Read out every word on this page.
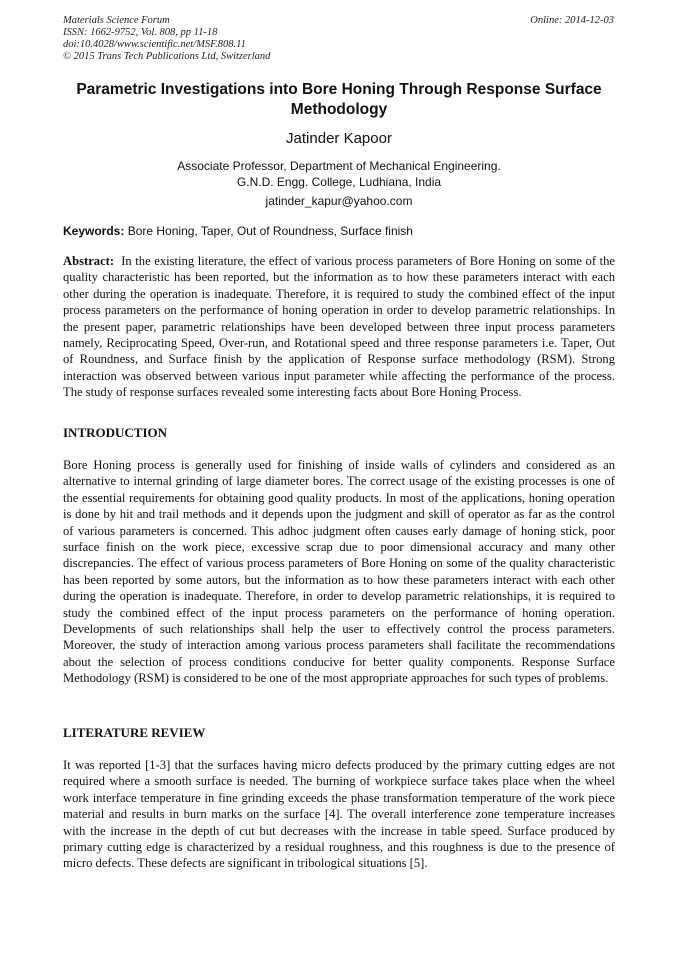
Materials Science Forum
ISSN: 1662-9752, Vol. 808, pp 11-18
doi:10.4028/www.scientific.net/MSF.808.11
© 2015 Trans Tech Publications Ltd, Switzerland
Online: 2014-12-03
Parametric Investigations into Bore Honing Through Response Surface Methodology
Jatinder Kapoor
Associate Professor, Department of Mechanical Engineering.
G.N.D. Engg. College, Ludhiana, India
jatinder_kapur@yahoo.com
Keywords: Bore Honing, Taper, Out of Roundness, Surface finish
Abstract: In the existing literature, the effect of various process parameters of Bore Honing on some of the quality characteristic has been reported, but the information as to how these parameters interact with each other during the operation is inadequate. Therefore, it is required to study the combined effect of the input process parameters on the performance of honing operation in order to develop parametric relationships. In the present paper, parametric relationships have been developed between three input process parameters namely, Reciprocating Speed, Over-run, and Rotational speed and three response parameters i.e. Taper, Out of Roundness, and Surface finish by the application of Response surface methodology (RSM). Strong interaction was observed between various input parameter while affecting the performance of the process. The study of response surfaces revealed some interesting facts about Bore Honing Process.
INTRODUCTION
Bore Honing process is generally used for finishing of inside walls of cylinders and considered as an alternative to internal grinding of large diameter bores. The correct usage of the existing processes is one of the essential requirements for obtaining good quality products. In most of the applications, honing operation is done by hit and trail methods and it depends upon the judgment and skill of operator as far as the control of various parameters is concerned. This adhoc judgment often causes early damage of honing stick, poor surface finish on the work piece, excessive scrap due to poor dimensional accuracy and many other discrepancies. The effect of various process parameters of Bore Honing on some of the quality characteristic has been reported by some autors, but the information as to how these parameters interact with each other during the operation is inadequate. Therefore, in order to develop parametric relationships, it is required to study the combined effect of the input process parameters on the performance of honing operation. Developments of such relationships shall help the user to effectively control the process parameters. Moreover, the study of interaction among various process parameters shall facilitate the recommendations about the selection of process conditions conducive for better quality components. Response Surface Methodology (RSM) is considered to be one of the most appropriate approaches for such types of problems.
LITERATURE REVIEW
It was reported [1-3] that the surfaces having micro defects produced by the primary cutting edges are not required where a smooth surface is needed. The burning of workpiece surface takes place when the wheel work interface temperature in fine grinding exceeds the phase transformation temperature of the work piece material and results in burn marks on the surface [4]. The overall interference zone temperature increases with the increase in the depth of cut but decreases with the increase in table speed. Surface produced by primary cutting edge is characterized by a residual roughness, and this roughness is due to the presence of micro defects. These defects are significant in tribological situations [5].
